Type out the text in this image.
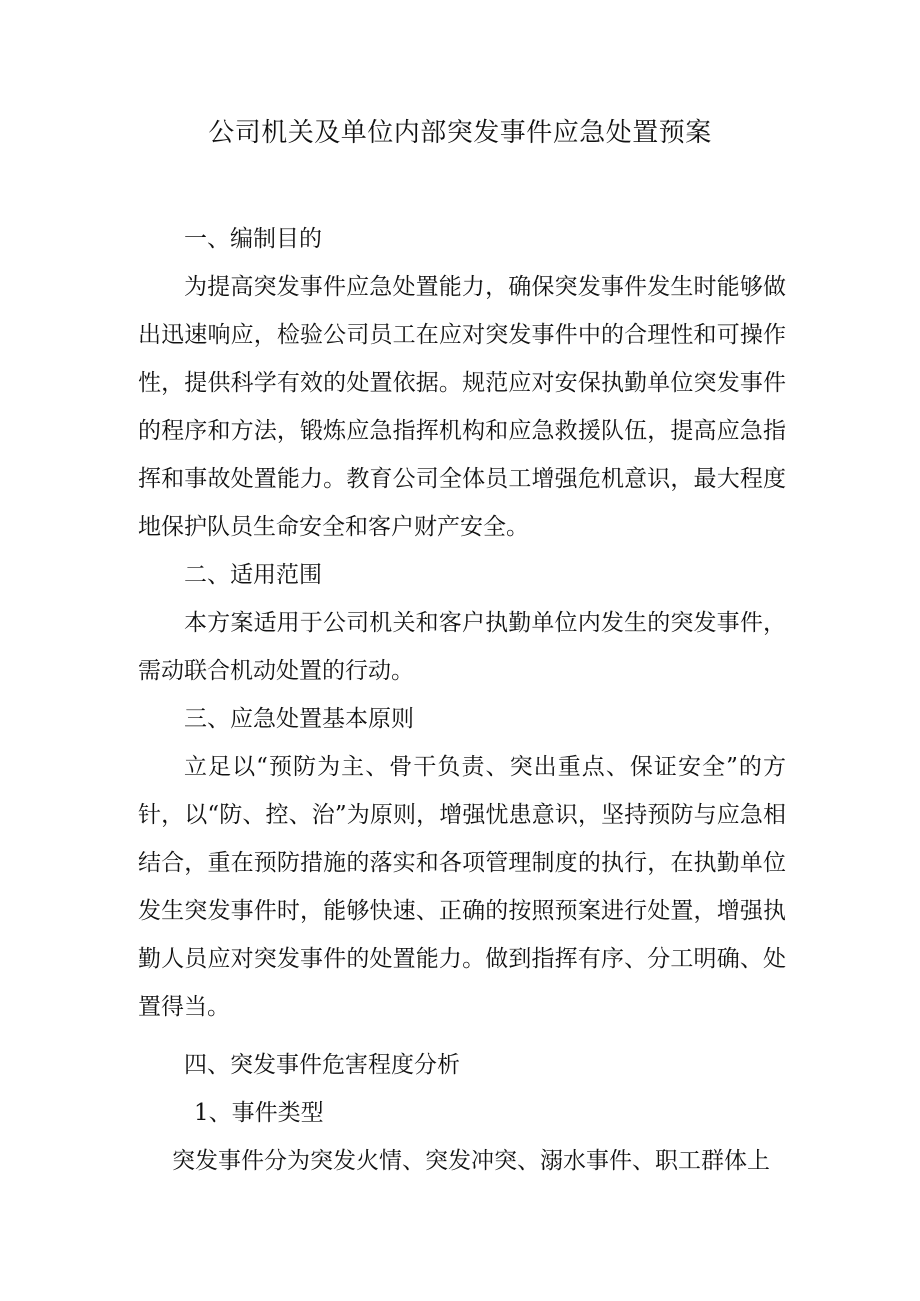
公司机关及单位内部突发事件应急处置预案

一、编制目的

为提高突发事件应急处置能力，确保突发事件发生时能够做出迅速响应，检验公司员工在应对突发事件中的合理性和可操作性，提供科学有效的处置依据。规范应对安保执勤单位突发事件的程序和方法，锻炼应急指挥机构和应急救援队伍，提高应急指挥和事故处置能力。教育公司全体员工增强危机意识，最大程度地保护队员生命安全和客户财产安全。

二、适用范围

本方案适用于公司机关和客户执勤单位内发生的突发事件，需动联合机动处置的行动。

三、应急处置基本原则

立足以“预防为主、骨干负责、突出重点、保证安全”的方针，以“防、控、治”为原则，增强忧患意识，坚持预防与应急相结合，重在预防措施的落实和各项管理制度的执行，在执勤单位发生突发事件时，能够快速、正确的按照预案进行处置，增强执勤人员应对突发事件的处置能力。做到指挥有序、分工明确、处置得当。

四、突发事件危害程度分析

1、事件类型

突发事件分为突发火情、突发冲突、溺水事件、职工群体上
